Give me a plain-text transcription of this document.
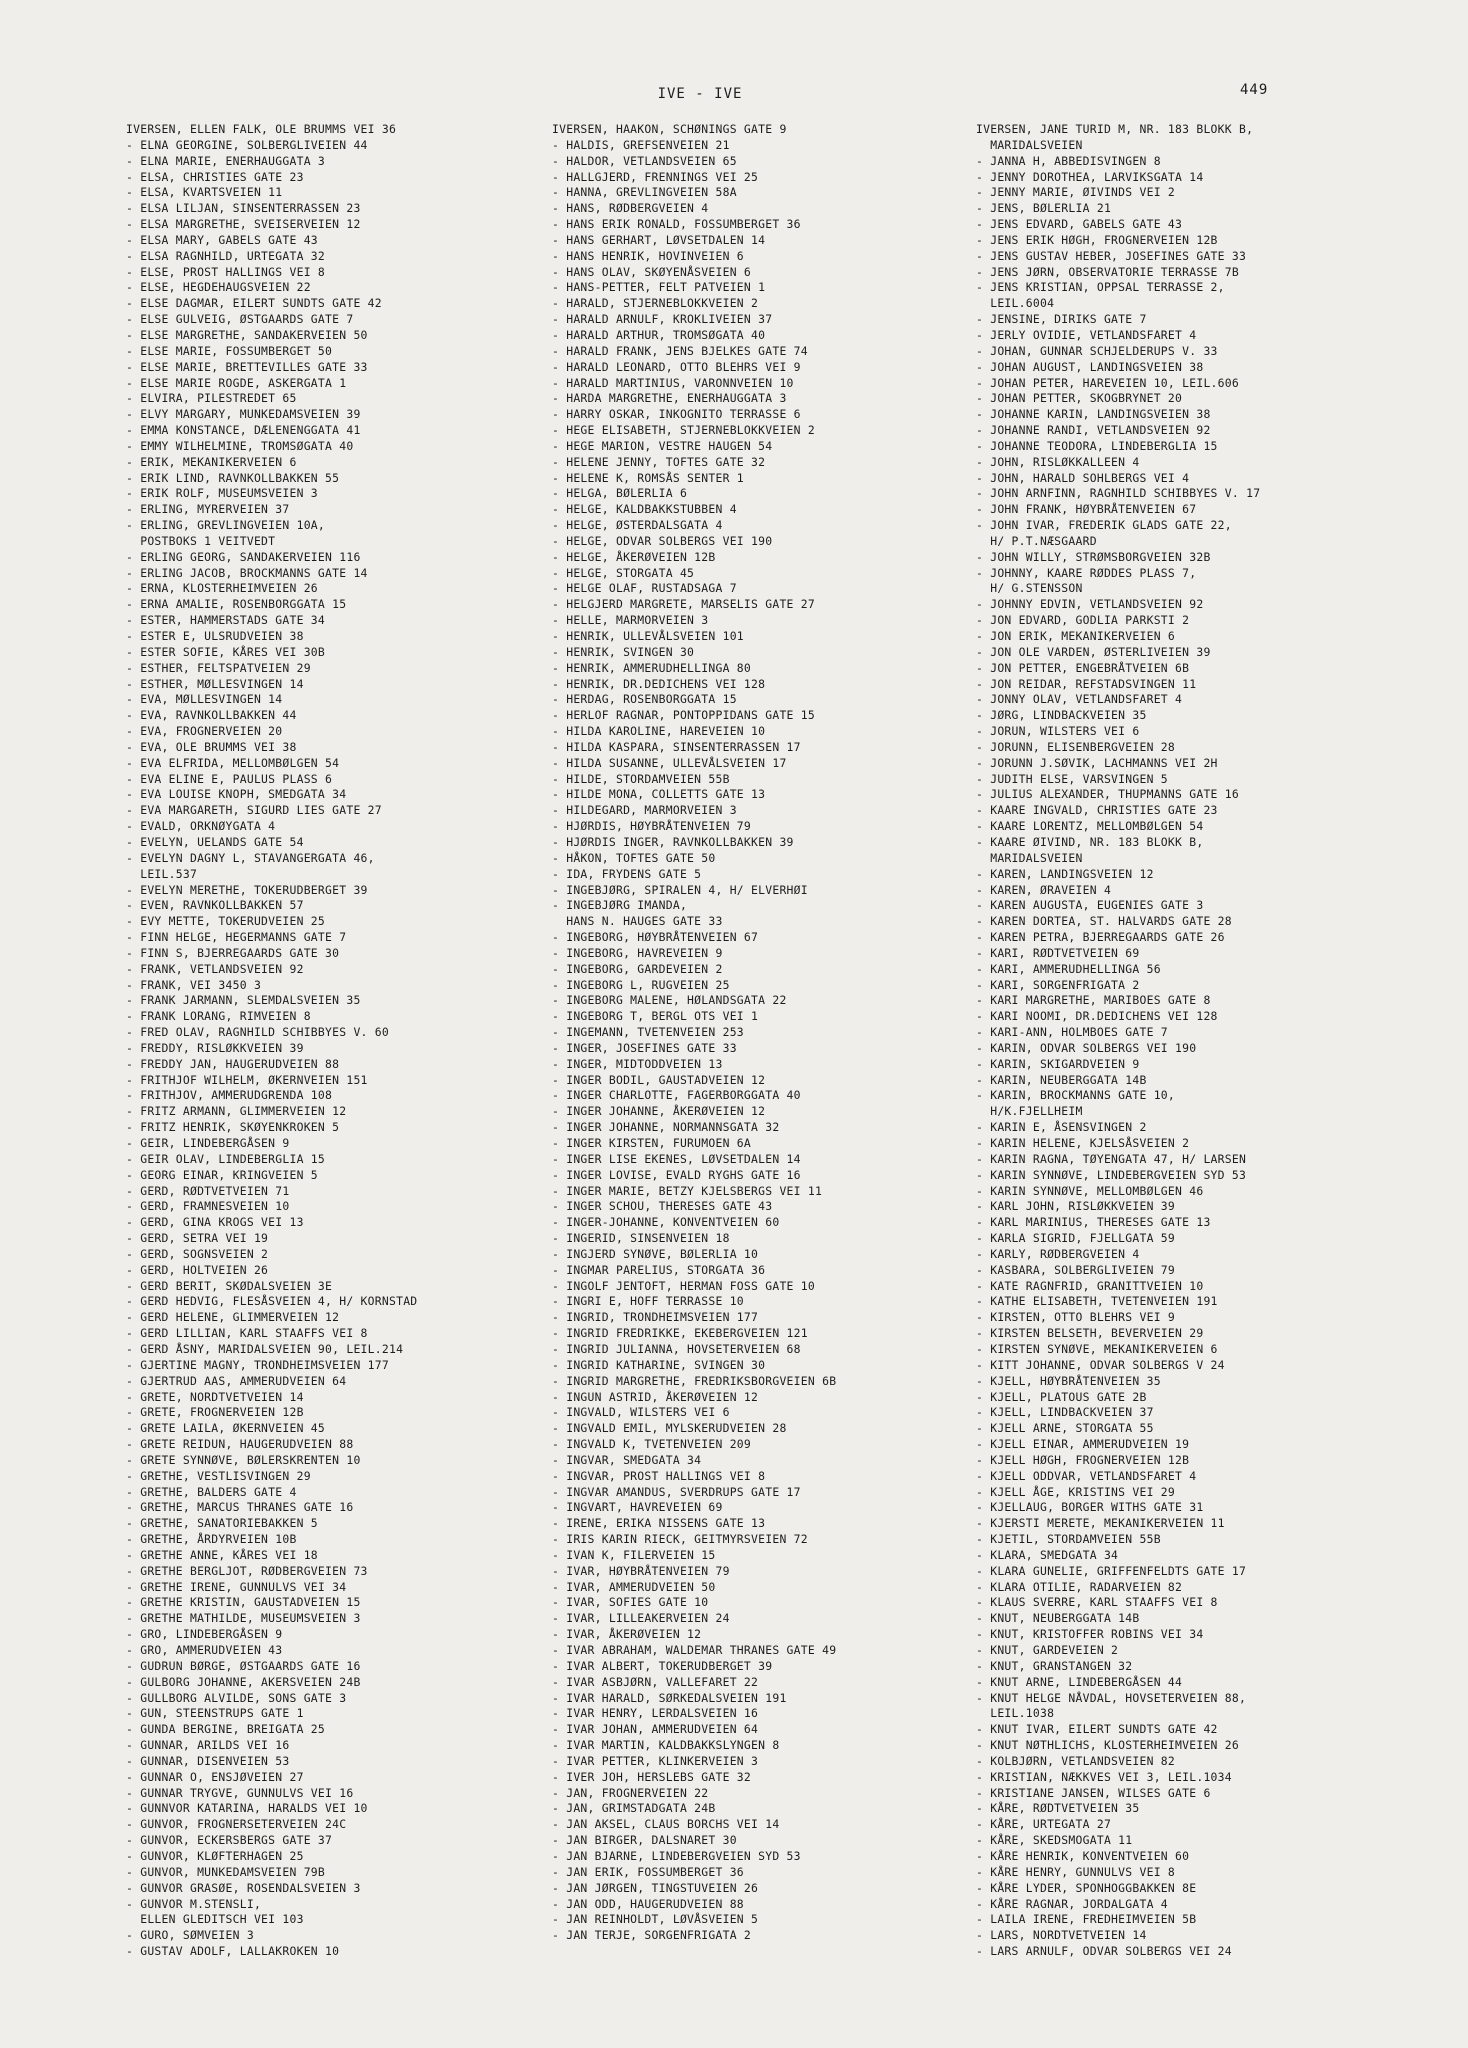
IVE - IVE	449
IVERSEN, ELLEN FALK, OLE BRUMMS VEI 36
- ELNA GEORGINE, SOLBERGLIVEIEN 44
- ELNA MARIE, ENERHAUGGATA 3
- ELSA, CHRISTIES GATE 23
- ELSA, KVARTSVEIEN 11
- ELSA LILJAN, SINSENTERRASSEN 23
- ELSA MARGRETHE, SVEISERVEIEN 12
- ELSA MARY, GABELS GATE 43
- ELSA RAGNHILD, URTEGATA 32
- ELSE, PROST HALLINGS VEI 8
- ELSE, HEGDEHAUGSVEIEN 22
- ELSE DAGMAR, EILERT SUNDTS GATE 42
- ELSE GULVEIG, ØSTGAARDS GATE 7
- ELSE MARGRETHE, SANDAKERVEIEN 50
- ELSE MARIE, FOSSUMBERGET 50
- ELSE MARIE, BRETTEVILLES GATE 33
- ELSE MARIE ROGDE, ASKERGATA 1
- ELVIRA, PILESTREDET 65
- ELVY MARGARY, MUNKEDAMSVEIEN 39
- EMMA KONSTANCE, DÆLENENGGATA 41
- EMMY WILHELMINE, TROMSØGATA 40
- ERIK, MEKANIKERVEIEN 6
- ERIK LIND, RAVNKOLLBAKKEN 55
- ERIK ROLF, MUSEUMSVEIEN 3
- ERLING, MYRERVEIEN 37
- ERLING, GREVLINGVEIEN 10A,
POSTBOKS 1 VEITVEDT
- ERLING GEORG, SANDAKERVEIEN 116
- ERLING JACOB, BROCKMANNS GATE 14
- ERNA, KLOSTERHEIMVEIEN 26
- ERNA AMALIE, ROSENBORGGATA 15
- ESTER, HAMMERSTADS GATE 34
- ESTER E, ULSRUDVEIEN 38
- ESTER SOFIE, KÅRES VEI 30B
- ESTHER, FELTSPATVEIEN 29
- ESTHER, MØLLESVINGEN 14
- EVA, MØLLESVINGEN 14
- EVA, RAVNKOLLBAKKEN 44
- EVA, FROGNERVEIEN 20
- EVA, OLE BRUMMS VEI 38
- EVA ELFRIDA, MELLOMBØLGEN 54
- EVA ELINE E, PAULUS PLASS 6
- EVA LOUISE KNOPH, SMEDGATA 34
- EVA MARGARETH, SIGURD LIES GATE 27
- EVALD, ORKNØYGATA 4
- EVELYN, UELANDS GATE 54
- EVELYN DAGNY L, STAVANGERGATA 46,
LEIL.537
- EVELYN MERETHE, TOKERUDBERGET 39
- EVEN, RAVNKOLLBAKKEN 57
- EVY METTE, TOKERUDVEIEN 25
- FINN HELGE, HEGERMANNS GATE 7
- FINN S, BJERREGAARDS GATE 30
- FRANK, VETLANDSVEIEN 92
- FRANK, VEI 3450 3
- FRANK JARMANN, SLEMDALSVEIEN 35
- FRANK LORANG, RIMVEIEN 8
- FRED OLAV, RAGNHILD SCHIBBYES V. 60
- FREDDY, RISLØKKVEIEN 39
- FREDDY JAN, HAUGERUDVEIEN 88
- FRITHJOF WILHELM, ØKERNVEIEN 151
- FRITHJOV, AMMERUDGRENDA 108
- FRITZ ARMANN, GLIMMERVEIEN 12
- FRITZ HENRIK, SKØYENKROKEN 5
- GEIR, LINDEBERGÅSEN 9
- GEIR OLAV, LINDEBERGLIA 15
- GEORG EINAR, KRINGVEIEN 5
- GERD, RØDTVETVEIEN 71
- GERD, FRAMNESVEIEN 10
- GERD, GINA KROGS VEI 13
- GERD, SETRA VEI 19
- GERD, SOGNSVEIEN 2
- GERD, HOLTVEIEN 26
- GERD BERIT, SKØDALSVEIEN 3E
- GERD HEDVIG, FLESÅSVEIEN 4, H/ KORNSTAD
- GERD HELENE, GLIMMERVEIEN 12
- GERD LILLIAN, KARL STAAFFS VEI 8
- GERD ÅSNY, MARIDALSVEIEN 90, LEIL.214
- GJERTINE MAGNY, TRONDHEIMSVEIEN 177
- GJERTRUD AAS, AMMERUDVEIEN 64
- GRETE, NORDTVETVEIEN 14
- GRETE, FROGNERVEIEN 12B
- GRETE LAILA, ØKERNVEIEN 45
- GRETE REIDUN, HAUGERUDVEIEN 88
- GRETE SYNNØVE, BØLERSKRENTEN 10
- GRETHE, VESTLISVINGEN 29
- GRETHE, BALDERS GATE 4
- GRETHE, MARCUS THRANES GATE 16
- GRETHE, SANATORIEBAKKEN 5
- GRETHE, ÅRDYRVEIEN 10B
- GRETHE ANNE, KÅRES VEI 18
- GRETHE BERGLJOT, RØDBERGVEIEN 73
- GRETHE IRENE, GUNNULVS VEI 34
- GRETHE KRISTIN, GAUSTADVEIEN 15
- GRETHE MATHILDE, MUSEUMSVEIEN 3
- GRO, LINDEBERGÅSEN 9
- GRO, AMMERUDVEIEN 43
- GUDRUN BØRGE, ØSTGAARDS GATE 16
- GULBORG JOHANNE, AKERSVEIEN 24B
- GULLBORG ALVILDE, SONS GATE 3
- GUN, STEENSTRUPS GATE 1
- GUNDA BERGINE, BREIGATA 25
- GUNNAR, ARILDS VEI 16
- GUNNAR, DISENVEIEN 53
- GUNNAR O, ENSJØVEIEN 27
- GUNNAR TRYGVE, GUNNULVS VEI 16
- GUNNVOR KATARINA, HARALDS VEI 10
- GUNVOR, FROGNERSETERVEIEN 24C
- GUNVOR, ECKERSBERGS GATE 37
- GUNVOR, KLØFTERHAGEN 25
- GUNVOR, MUNKEDAMSVEIEN 79B
- GUNVOR GRASØE, ROSENDALSVEIEN 3
- GUNVOR M.STENSLI,
ELLEN GLEDITSCH VEI 103
- GURO, SØMVEIEN 3
- GUSTAV ADOLF, LALLAKROKEN 10
IVERSEN, HAAKON, SCHØNINGS GATE 9
- HALDIS, GREFSENVEIEN 21
- HALDOR, VETLANDSVEIEN 65
- HALLGJERD, FRENNINGS VEI 25
- HANNA, GREVLINGVEIEN 58A
- HANS, RØDBERGVEIEN 4
- HANS ERIK RONALD, FOSSUMBERGET 36
- HANS GERHART, LØVSETDALEN 14
- HANS HENRIK, HOVINVEIEN 6
- HANS OLAV, SKØYENÅSVEIEN 6
- HANS-PETTER, FELT PATVEIEN 1
- HARALD, STJERNEBLOKKVEIEN 2
- HARALD ARNULF, KROKLIVEIEN 37
- HARALD ARTHUR, TROMSØGATA 40
- HARALD FRANK, JENS BJELKES GATE 74
- HARALD LEONARD, OTTO BLEHRS VEI 9
- HARALD MARTINIUS, VARONNVEIEN 10
- HARDA MARGRETHE, ENERHAUGGATA 3
- HARRY OSKAR, INKOGNITO TERRASSE 6
- HEGE ELISABETH, STJERNEBLOKKVEIEN 2
- HEGE MARION, VESTRE HAUGEN 54
- HELENE JENNY, TOFTES GATE 32
- HELENE K, ROMSÅS SENTER 1
- HELGA, BØLERLIA 6
- HELGE, KALDBAKKSTUBBEN 4
- HELGE, ØSTERDALSGATA 4
- HELGE, ODVAR SOLBERGS VEI 190
- HELGE, ÅKERØVEIEN 12B
- HELGE, STORGATA 45
- HELGE OLAF, RUSTADSAGA 7
- HELGJERD MARGRETE, MARSELIS GATE 27
- HELLE, MARMORVEIEN 3
- HENRIK, ULLEVÅLSVEIEN 101
- HENRIK, SVINGEN 30
- HENRIK, AMMERUDHELLINGA 80
- HENRIK, DR.DEDICHENS VEI 128
- HERDAG, ROSENBORGGATA 15
- HERLOF RAGNAR, PONTOPPIDANS GATE 15
- HILDA KAROLINE, HAREVEIEN 10
- HILDA KASPARA, SINSENTERRASSEN 17
- HILDA SUSANNE, ULLEVÅLSVEIEN 17
- HILDE, STORDAMVEIEN 55B
- HILDE MONA, COLLETTS GATE 13
- HILDEGARD, MARMORVEIEN 3
- HJØRDIS, HØYBRÅTENVEIEN 79
- HJØRDIS INGER, RAVNKOLLBAKKEN 39
- HÅKON, TOFTES GATE 50
- IDA, FRYDENS GATE 5
- INGEBJØRG, SPIRALEN 4, H/ ELVERHØI
- INGEBJØRG IMANDA,
HANS N. HAUGES GATE 33
- INGEBORG, HØYBRÅTENVEIEN 67
- INGEBORG, HAVREVEIEN 9
- INGEBORG, GARDEVEIEN 2
- INGEBORG L, RUGVEIEN 25
- INGEBORG MALENE, HØLANDSGATA 22
- INGEBORG T, BERGL OTS VEI 1
- INGEMANN, TVETENVEIEN 253
- INGER, JOSEFINES GATE 33
- INGER, MIDTODDVEIEN 13
- INGER BODIL, GAUSTADVEIEN 12
- INGER CHARLOTTE, FAGERBORGGATA 40
- INGER JOHANNE, ÅKERØVEIEN 12
- INGER JOHANNE, NORMANNSGATA 32
- INGER KIRSTEN, FURUMOEN 6A
- INGER LISE EKENES, LØVSETDALEN 14
- INGER LOVISE, EVALD RYGHS GATE 16
- INGER MARIE, BETZY KJELSBERGS VEI 11
- INGER SCHOU, THERESES GATE 43
- INGER-JOHANNE, KONVENTVEIEN 60
- INGERID, SINSENVEIEN 18
- INGJERD SYNØVE, BØLERLIA 10
- INGMAR PARELIUS, STORGATA 36
- INGOLF JENTOFT, HERMAN FOSS GATE 10
- INGRI E, HOFF TERRASSE 10
- INGRID, TRONDHEIMSVEIEN 177
- INGRID FREDRIKKE, EKEBERGVEIEN 121
- INGRID JULIANNA, HOVSETERVEIEN 68
- INGRID KATHARINE, SVINGEN 30
- INGRID MARGRETHE, FREDRIKSBORGVEIEN 6B
- INGUN ASTRID, ÅKERØVEIEN 12
- INGVALD, WILSTERS VEI 6
- INGVALD EMIL, MYLSKERUDVEIEN 28
- INGVALD K, TVETENVEIEN 209
- INGVAR, SMEDGATA 34
- INGVAR, PROST HALLINGS VEI 8
- INGVAR AMANDUS, SVERDRUPS GATE 17
- INGVART, HAVREVEIEN 69
- IRENE, ERIKA NISSENS GATE 13
- IRIS KARIN RIECK, GEITMYRSVEIEN 72
- IVAN K, FILERVEIEN 15
- IVAR, HØYBRÅTENVEIEN 79
- IVAR, AMMERUDVEIEN 50
- IVAR, SOFIES GATE 10
- IVAR, LILLEAKERVEIEN 24
- IVAR, ÅKERØVEIEN 12
- IVAR ABRAHAM, WALDEMAR THRANES GATE 49
- IVAR ALBERT, TOKERUDBERGET 39
- IVAR ASBJØRN, VALLEFARET 22
- IVAR HARALD, SØRKEDALSVEIEN 191
- IVAR HENRY, LERDALSVEIEN 16
- IVAR JOHAN, AMMERUDVEIEN 64
- IVAR MARTIN, KALDBAKKSLYNGEN 8
- IVAR PETTER, KLINKERVEIEN 3
- IVER JOH, HERSLEBS GATE 32
- JAN, FROGNERVEIEN 22
- JAN, GRIMSTADGATA 24B
- JAN AKSEL, CLAUS BORCHS VEI 14
- JAN BIRGER, DALSNARET 30
- JAN BJARNE, LINDEBERGVEIEN SYD 53
- JAN ERIK, FOSSUMBERGET 36
- JAN JØRGEN, TINGSTUVEIEN 26
- JAN ODD, HAUGERUDVEIEN 88
- JAN REINHOLDT, LØVÅSVEIEN 5
- JAN TERJE, SORGENFRIGATA 2
IVERSEN, JANE TURID M, NR. 183 BLOKK B,
MARIDALSVEIEN
- JANNA H, ABBEDISVINGEN 8
- JENNY DOROTHEA, LARVIKSGATA 14
- JENNY MARIE, ØIVINDS VEI 2
- JENS, BØLERLIA 21
- JENS EDVARD, GABELS GATE 43
- JENS ERIK HØGH, FROGNERVEIEN 12B
- JENS GUSTAV HEBER, JOSEFINES GATE 33
- JENS JØRN, OBSERVATORIE TERRASSE 7B
- JENS KRISTIAN, OPPSAL TERRASSE 2,
LEIL.6004
- JENSINE, DIRIKS GATE 7
- JERLY OVIDIE, VETLANDSFARET 4
- JOHAN, GUNNAR SCHJELDERUPS V. 33
- JOHAN AUGUST, LANDINGSVEIEN 38
- JOHAN PETER, HAREVEIEN 10, LEIL.606
- JOHAN PETTER, SKOGBRYNET 20
- JOHANNE KARIN, LANDINGSVEIEN 38
- JOHANNE RANDI, VETLANDSVEIEN 92
- JOHANNE TEODORA, LINDEBERGLIA 15
- JOHN, RISLØKKALLEEN 4
- JOHN, HARALD SOHLBERGS VEI 4
- JOHN ARNFINN, RAGNHILD SCHIBBYES V. 17
- JOHN FRANK, HØYBRÅTENVEIEN 67
- JOHN IVAR, FREDERIK GLADS GATE 22,
H/ P.T.NÆSGAARD
- JOHN WILLY, STRØMSBORGVEIEN 32B
- JOHNNY, KAARE RØDDES PLASS 7,
H/ G.STENSSON
- JOHNNY EDVIN, VETLANDSVEIEN 92
- JON EDVARD, GODLIA PARKSTI 2
- JON ERIK, MEKANIKERVEIEN 6
- JON OLE VARDEN, ØSTERLIVEIEN 39
- JON PETTER, ENGEBRÅTVEIEN 6B
- JON REIDAR, REFSTADSVINGEN 11
- JONNY OLAV, VETLANDSFARET 4
- JØRG, LINDBACKVEIEN 35
- JORUN, WILSTERS VEI 6
- JORUNN, ELISENBERGVEIEN 28
- JORUNN J.SØVIK, LACHMANNS VEI 2H
- JUDITH ELSE, VARSVINGEN 5
- JULIUS ALEXANDER, THUPMANNS GATE 16
- KAARE INGVALD, CHRISTIES GATE 23
- KAARE LORENTZ, MELLOMBØLGEN 54
- KAARE ØIVIND, NR. 183 BLOKK B,
MARIDALSVEIEN
- KAREN, LANDINGSVEIEN 12
- KAREN, ØRAVEIEN 4
- KAREN AUGUSTA, EUGENIES GATE 3
- KAREN DORTEA, ST. HALVARDS GATE 28
- KAREN PETRA, BJERREGAARDS GATE 26
- KARI, RØDTVETVEIEN 69
- KARI, AMMERUDHELLINGA 56
- KARI, SORGENFRIGATA 2
- KARI MARGRETHE, MARIBOES GATE 8
- KARI NOOMI, DR.DEDICHENS VEI 128
- KARI-ANN, HOLMBOES GATE 7
- KARIN, ODVAR SOLBERGS VEI 190
- KARIN, SKIGARDVEIEN 9
- KARIN, NEUBERGGATA 14B
- KARIN, BROCKMANNS GATE 10,
H/K.FJELLHEIM
- KARIN E, ÅSENSVINGEN 2
- KARIN HELENE, KJELSÅSVEIEN 2
- KARIN RAGNA, TØYENGATA 47, H/ LARSEN
- KARIN SYNNØVE, LINDEBERGVEIEN SYD 53
- KARIN SYNNØVE, MELLOMBØLGEN 46
- KARL JOHN, RISLØKKVEIEN 39
- KARL MARINIUS, THERESES GATE 13
- KARLA SIGRID, FJELLGATA 59
- KARLY, RØDBERGVEIEN 4
- KASBARA, SOLBERGLIVEIEN 79
- KATE RAGNFRID, GRANITTVEIEN 10
- KATHE ELISABETH, TVETENVEIEN 191
- KIRSTEN, OTTO BLEHRS VEI 9
- KIRSTEN BELSETH, BEVERVEIEN 29
- KIRSTEN SYNØVE, MEKANIKERVEIEN 6
- KITT JOHANNE, ODVAR SOLBERGS V 24
- KJELL, HØYBRÅTENVEIEN 35
- KJELL, PLATOUS GATE 2B
- KJELL, LINDBACKVEIEN 37
- KJELL ARNE, STORGATA 55
- KJELL EINAR, AMMERUDVEIEN 19
- KJELL HØGH, FROGNERVEIEN 12B
- KJELL ODDVAR, VETLANDSFARET 4
- KJELL ÅGE, KRISTINS VEI 29
- KJELLAUG, BORGER WITHS GATE 31
- KJERSTI MERETE, MEKANIKERVEIEN 11
- KJETIL, STORDAMVEIEN 55B
- KLARA, SMEDGATA 34
- KLARA GUNELIE, GRIFFENFELDTS GATE 17
- KLARA OTILIE, RADARVEIEN 82
- KLAUS SVERRE, KARL STAAFFS VEI 8
- KNUT, NEUBERGGATA 14B
- KNUT, KRISTOFFER ROBINS VEI 34
- KNUT, GARDEVEIEN 2
- KNUT, GRANSTANGEN 32
- KNUT ARNE, LINDEBERGÅSEN 44
- KNUT HELGE NÅVDAL, HOVSETERVEIEN 88,
LEIL.1038
- KNUT IVAR, EILERT SUNDTS GATE 42
- KNUT NØTHLICHS, KLOSTERHEIMVEIEN 26
- KOLBJØRN, VETLANDSVEIEN 82
- KRISTIAN, NÆKKVES VEI 3, LEIL.1034
- KRISTIANE JANSEN, WILSES GATE 6
- KÅRE, RØDTVETVEIEN 35
- KÅRE, URTEGATA 27
- KÅRE, SKEDSMOGATA 11
- KÅRE HENRIK, KONVENTVEIEN 60
- KÅRE HENRY, GUNNULVS VEI 8
- KÅRE LYDER, SPONHOGGBAKKEN 8E
- KÅRE RAGNAR, JORDALGATA 4
- LAILA IRENE, FREDHEIMVEIEN 5B
- LARS, NORDTVETVEIEN 14
- LARS ARNULF, ODVAR SOLBERGS VEI 24
